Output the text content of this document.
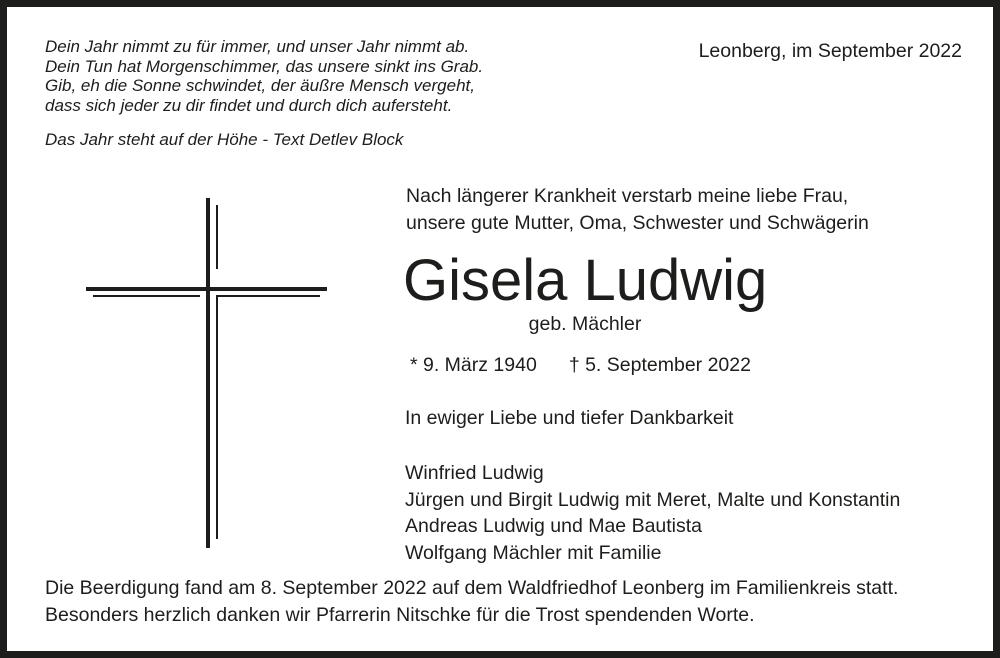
Dein Jahr nimmt zu für immer, und unser Jahr nimmt ab.
Dein Tun hat Morgenschimmer, das unsere sinkt ins Grab.
Gib, eh die Sonne schwindet, der äußre Mensch vergeht,
dass sich jeder zu dir findet und durch dich aufersteht.
Das Jahr steht auf der Höhe - Text Detlev Block
Leonberg, im September 2022
Nach längerer Krankheit verstarb meine liebe Frau,
unsere gute Mutter, Oma, Schwester und Schwägerin
Gisela Ludwig
geb. Mächler
* 9. März 1940 † 5. September 2022
In ewiger Liebe und tiefer Dankbarkeit
Winfried Ludwig
Jürgen und Birgit Ludwig mit Meret, Malte und Konstantin
Andreas Ludwig und Mae Bautista
Wolfgang Mächler mit Familie
Die Beerdigung fand am 8. September 2022 auf dem Waldfriedhof Leonberg im Familienkreis statt.
Besonders herzlich danken wir Pfarrerin Nitschke für die Trost spendenden Worte.
